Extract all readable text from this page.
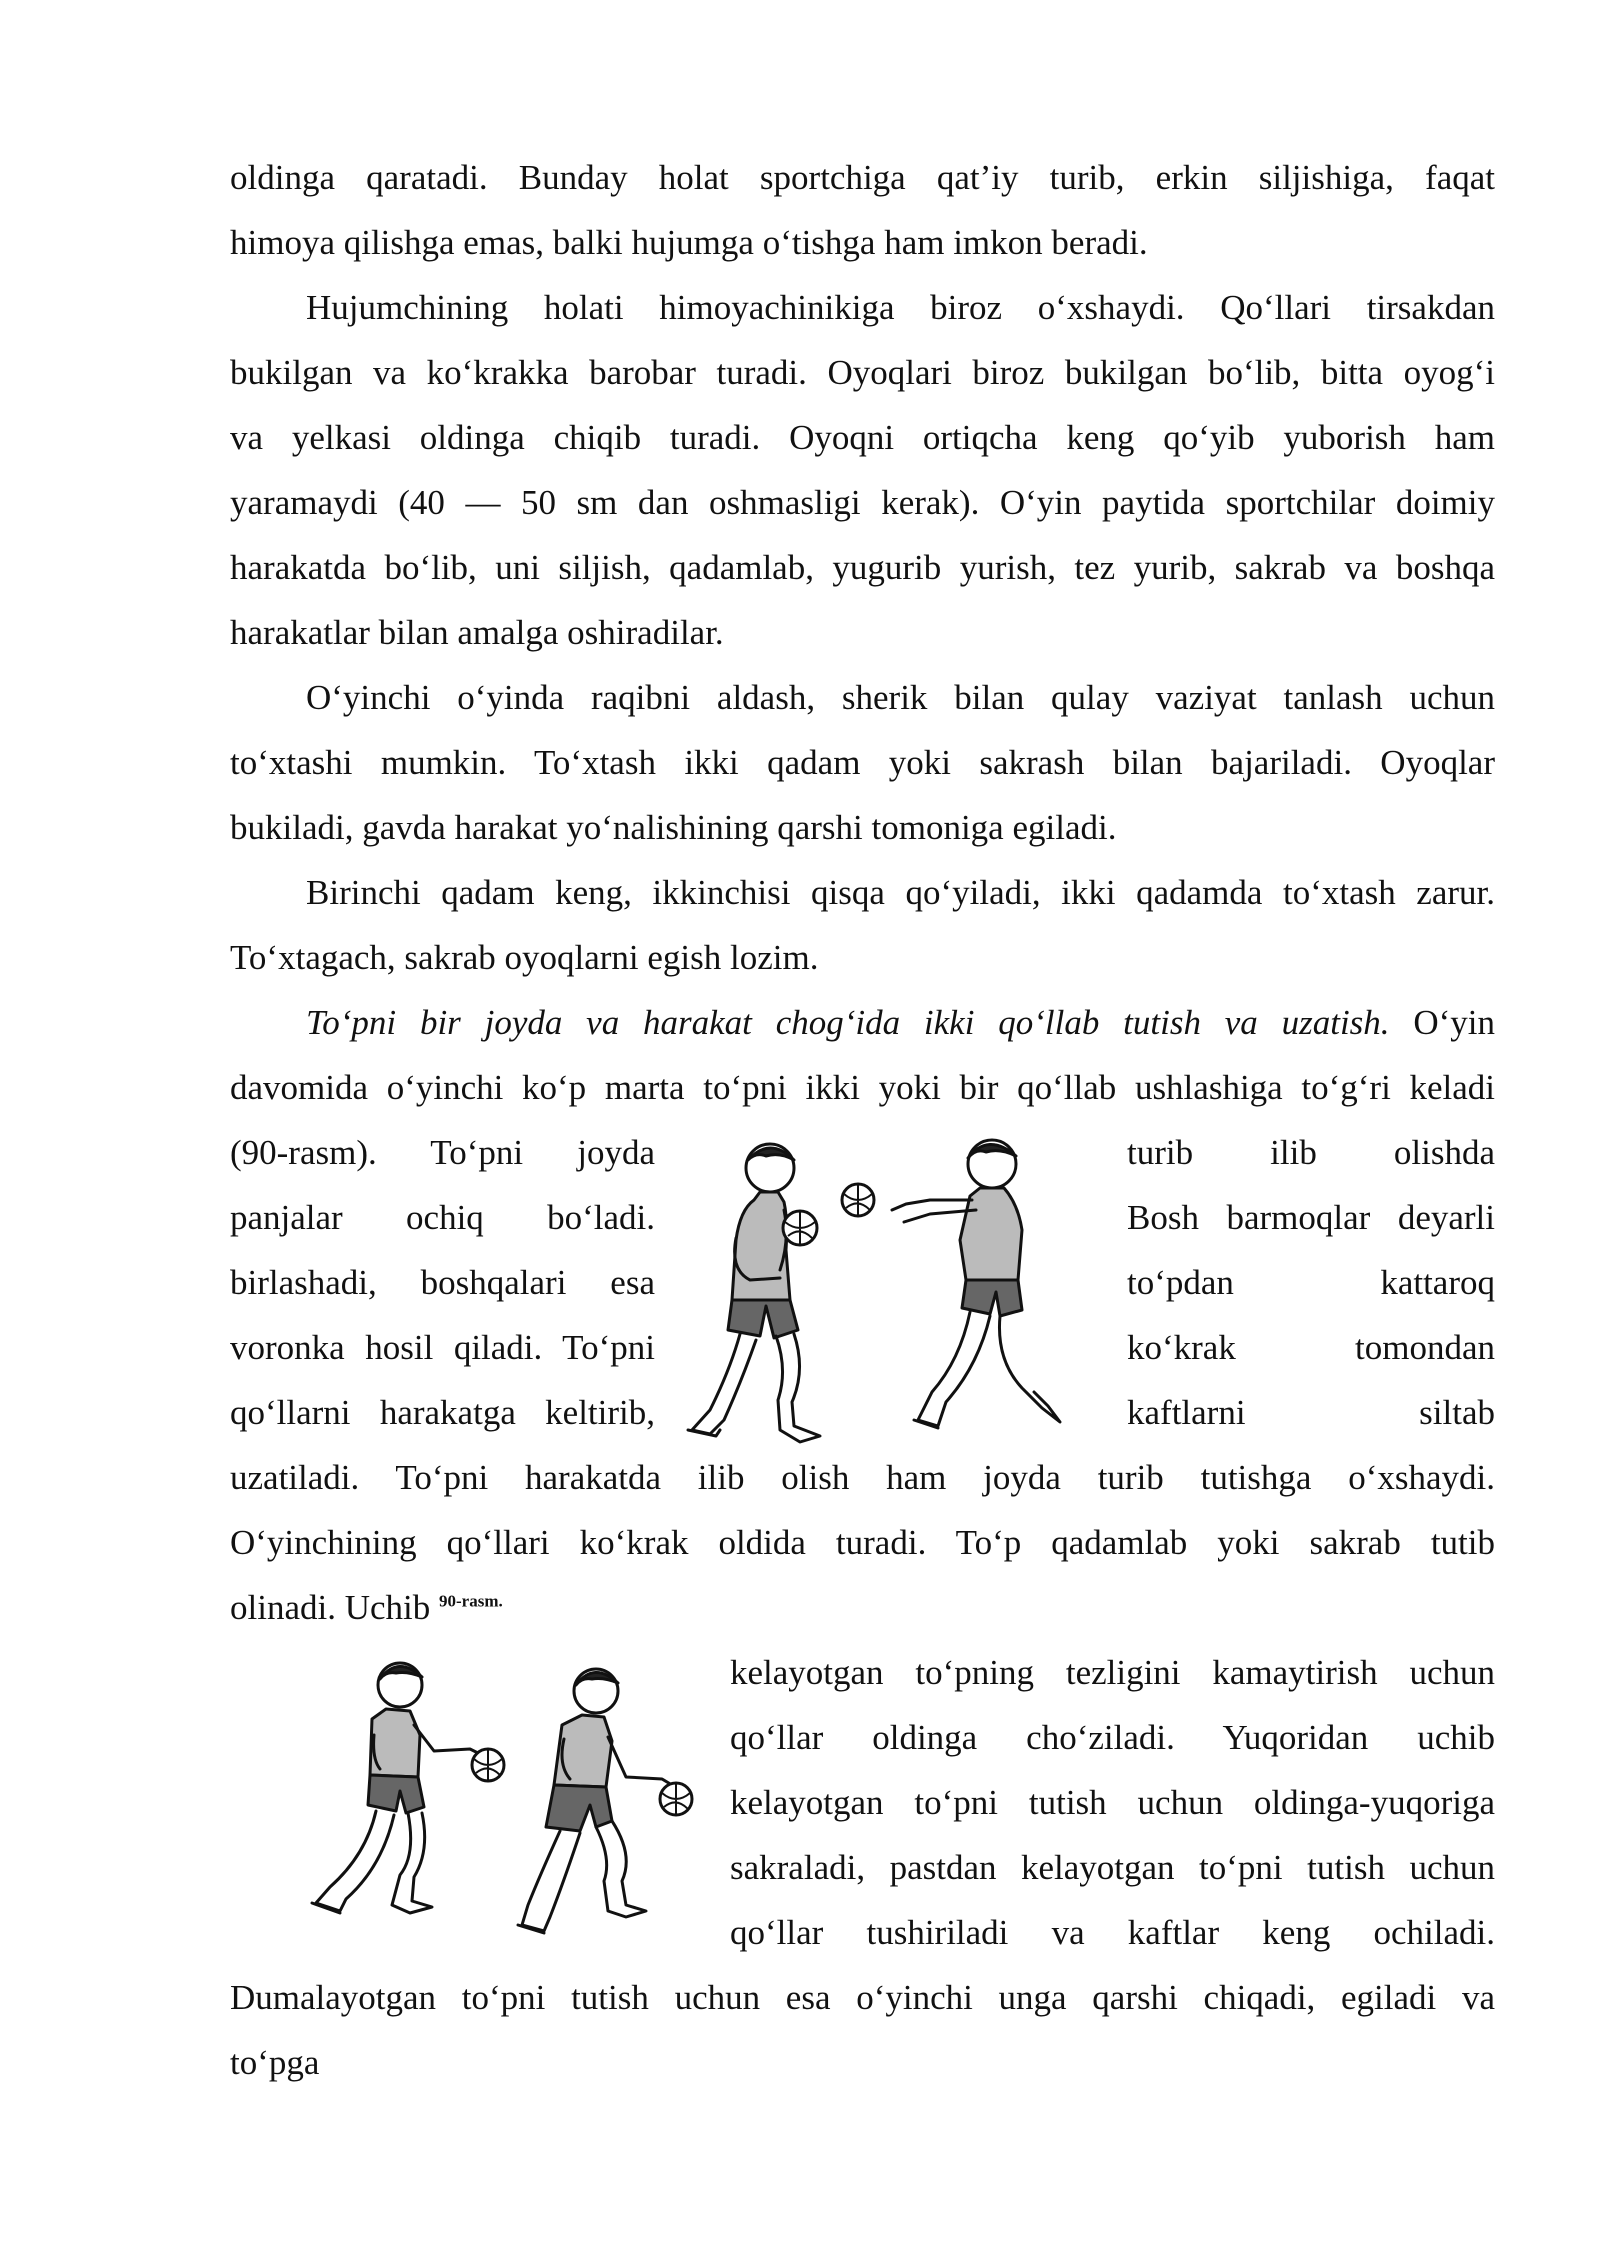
oldinga qaratadi. Bunday holat sportchiga qat’iy turib, erkin siljishiga, faqat
himoya qilishga emas, balki hujumga o‘tishga ham imkon beradi.
Hujumchining holati himoyachinikiga biroz o‘xshaydi. Qo‘llari tirsakdan
bukilgan va ko‘krakka barobar turadi. Oyoqlari biroz bukilgan bo‘lib, bitta oyog‘i
va yelkasi oldinga chiqib turadi. Oyoqni ortiqcha keng qo‘yib yuborish ham
yaramaydi (40 — 50 sm dan oshmasligi kerak). O‘yin paytida sportchilar doimiy
harakatda bo‘lib, uni siljish, qadamlab, yugurib yurish, tez yurib, sakrab va boshqa
harakatlar bilan amalga oshiradilar.
O‘yinchi o‘yinda raqibni aldash, sherik bilan qulay vaziyat tanlash uchun
to‘xtashi mumkin. To‘xtash ikki qadam yoki sakrash bilan bajariladi. Oyoqlar
bukiladi, gavda harakat yo‘nalishining qarshi tomoniga egiladi.
Birinchi qadam keng, ikkinchisi qisqa qo‘yiladi, ikki qadamda to‘xtash zarur.
To‘xtagach, sakrab oyoqlarni egish lozim.
To‘pni bir joyda va harakat chog‘ida ikki qo‘llab tutish va uzatish. O‘yin
davomida o‘yinchi ko‘p marta to‘pni ikki yoki bir qo‘llab ushlashiga to‘g‘ri keladi
(90-rasm). To‘pni joyda
panjalar ochiq bo‘ladi.
birlashadi, boshqalari esa
voronka hosil qiladi. To‘pni
qo‘llarni harakatga keltirib,
turib ilib olishda
Bosh barmoqlar deyarli
to‘pdan kattaroq
ko‘krak tomondan
kaftlarni siltab
uzatiladi. To‘pni harakatda ilib olish ham joyda turib tutishga o‘xshaydi.
O‘yinchining qo‘llari ko‘krak oldida turadi. To‘p qadamlab yoki sakrab tutib
olinadi. Uchib $^{90-rasm.}$
kelayotgan to‘pning tezligini kamaytirish uchun
qo‘llar oldinga cho‘ziladi. Yuqoridan uchib
kelayotgan to‘pni tutish uchun oldinga-yuqoriga
sakraladi, pastdan kelayotgan to‘pni tutish uchun
qo‘llar tushiriladi va kaftlar keng ochiladi.
Dumalayotgan to‘pni tutish uchun esa o‘yinchi unga qarshi chiqadi, egiladi va
to‘pga
